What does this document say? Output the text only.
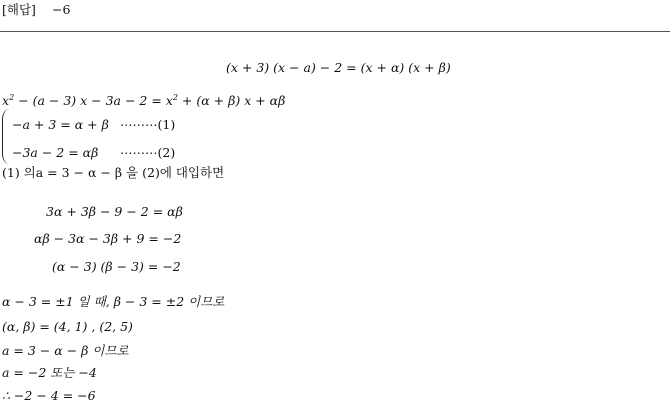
[해답] −6
(x + 3) (x − a) − 2 = (x + α) (x + β)
$x^2 - (a - 3) x - 3a - 2 = x^2 + (\alpha + \beta) x + \alpha\beta$
−a + 3 = α + β ⋯⋯⋯(1)
−3a − 2 = αβ ⋯⋯⋯(2)
(1) 의a = 3 − α − β 을 (2)에 대입하면
3α + 3β − 9 − 2 = αβ
αβ − 3α − 3β + 9 = −2
(α − 3) (β − 3) = −2
α − 3 = ±1 일 때, β − 3 = ±2 이므로
(α, β) = (4, 1) , (2, 5)
a = 3 − α − β 이므로
a = −2 또는 −4
∴ −2 − 4 = −6
